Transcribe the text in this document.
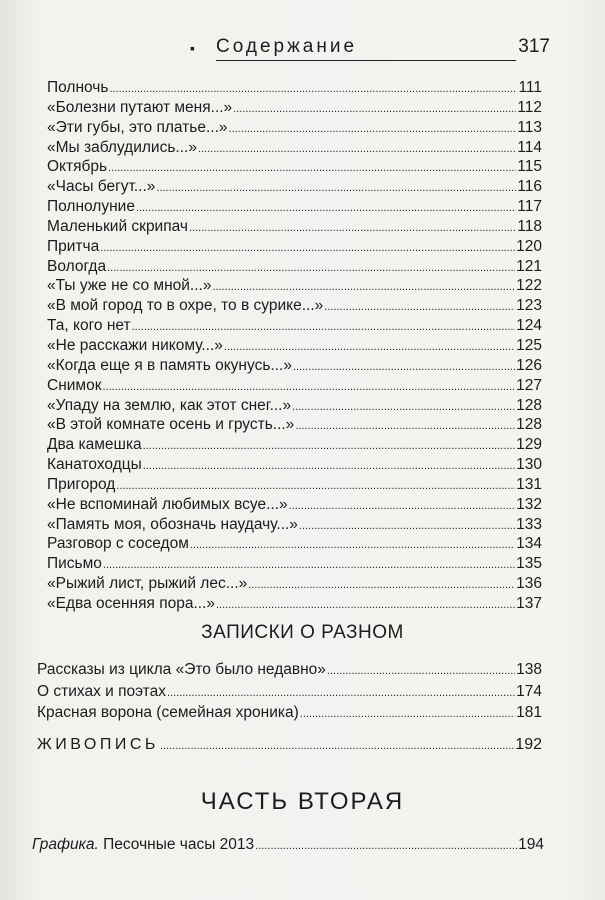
▪ Содержание	317
Полночь .....	111
«Болезни путают меня...» .....	112
«Эти губы, это платье...» .....	113
«Мы заблудились...» .....	114
Октябрь .....	115
«Часы бегут...» .....	116
Полнолуние .....	117
Маленький скрипач .....	118
Притча .....	120
Вологда .....	121
«Ты уже не со мной...» .....	122
«В мой город то в охре, то в сурике...» .....	123
Та, кого нет .....	124
«Не расскажи никому...» .....	125
«Когда еще я в память окунусь...» .....	126
Снимок .....	127
«Упаду на землю, как этот снег...» .....	128
«В этой комнате осень и грусть...» .....	128
Два камешка .....	129
Канатоходцы .....	130
Пригород .....	131
«Не вспоминай любимых всуе...» .....	132
«Память моя, обозначь наудачу...» .....	133
Разговор с соседом .....	134
Письмо .....	135
«Рыжий лист, рыжий лес...» .....	136
«Едва осенняя пора...» .....	137
ЗАПИСКИ О РАЗНОМ
Рассказы из цикла «Это было недавно» .....	138
О стихах и поэтах .....	174
Красная ворона (семейная хроника) .....	181
ЖИВОПИСЬ .....	192
ЧАСТЬ ВТОРАЯ
Графика. Песочные часы 2013 .....	194
